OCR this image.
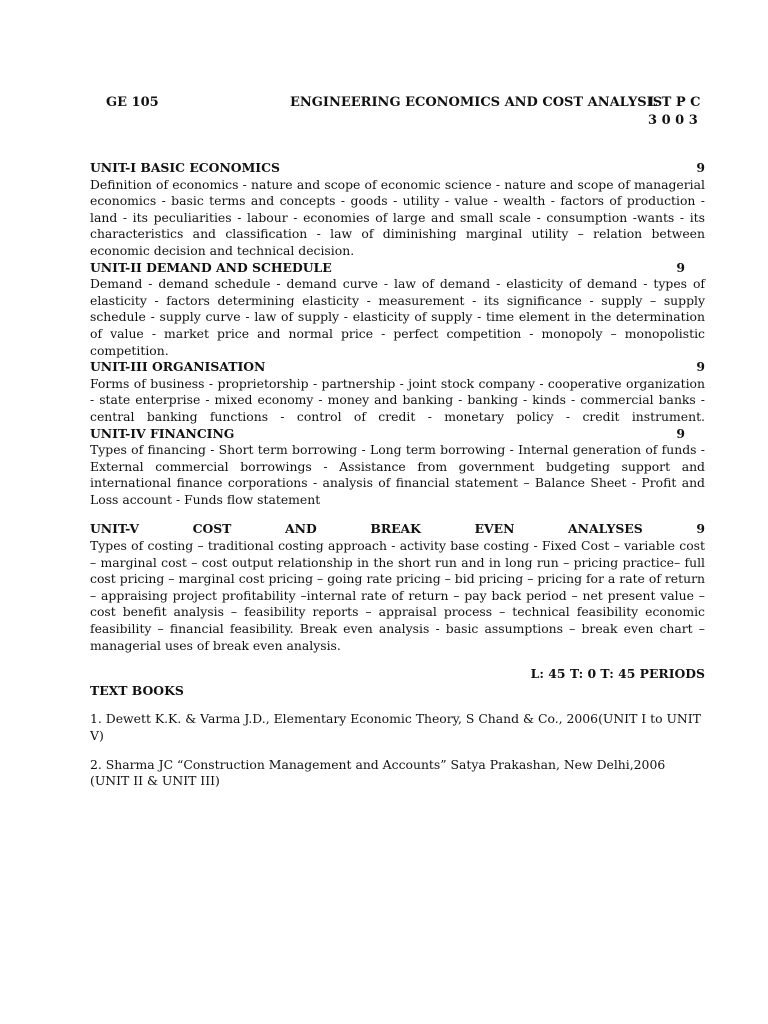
GE 105	ENGINEERING ECONOMICS AND COST ANALYSIS
L T P C
3 0 0 3
UNIT-I BASIC ECONOMICS	9
Definition of economics - nature and scope of economic science - nature and scope of managerial economics - basic terms and concepts - goods - utility - value - wealth - factors of production - land - its peculiarities - labour - economies of large and small scale - consumption -wants - its characteristics and classification - law of diminishing marginal utility – relation between economic decision and technical decision.
UNIT-II DEMAND AND SCHEDULE	9
Demand - demand schedule - demand curve - law of demand - elasticity of demand - types of elasticity - factors determining elasticity - measurement - its significance - supply – supply schedule - supply curve - law of supply - elasticity of supply - time element in the determination of value - market price and normal price - perfect competition - monopoly – monopolistic competition.
UNIT-III ORGANISATION	9
Forms of business - proprietorship - partnership - joint stock company - cooperative organization - state enterprise - mixed economy - money and banking - banking - kinds - commercial banks - central banking functions - control of credit - monetary policy - credit instrument.
UNIT-IV FINANCING	9
Types of financing - Short term borrowing - Long term borrowing - Internal generation of funds -External commercial borrowings - Assistance from government budgeting support and international finance corporations - analysis of financial statement – Balance Sheet - Profit and Loss account - Funds flow statement
UNIT-V	COST	AND	BREAK	EVEN	ANALYSES	9
Types of costing – traditional costing approach - activity base costing - Fixed Cost – variable cost – marginal cost – cost output relationship in the short run and in long run – pricing practice– full cost pricing – marginal cost pricing – going rate pricing – bid pricing – pricing for a rate of return – appraising project profitability –internal rate of return – pay back period – net present value – cost benefit analysis – feasibility reports – appraisal process – technical feasibility economic feasibility – financial feasibility. Break even analysis - basic assumptions – break even chart – managerial uses of break even analysis.
L: 45 T: 0 T: 45 PERIODS
TEXT BOOKS
1. Dewett K.K. & Varma J.D., Elementary Economic Theory, S Chand & Co., 2006(UNIT I to UNIT V)
2. Sharma JC “Construction Management and Accounts” Satya Prakashan, New Delhi,2006 (UNIT II & UNIT III)
